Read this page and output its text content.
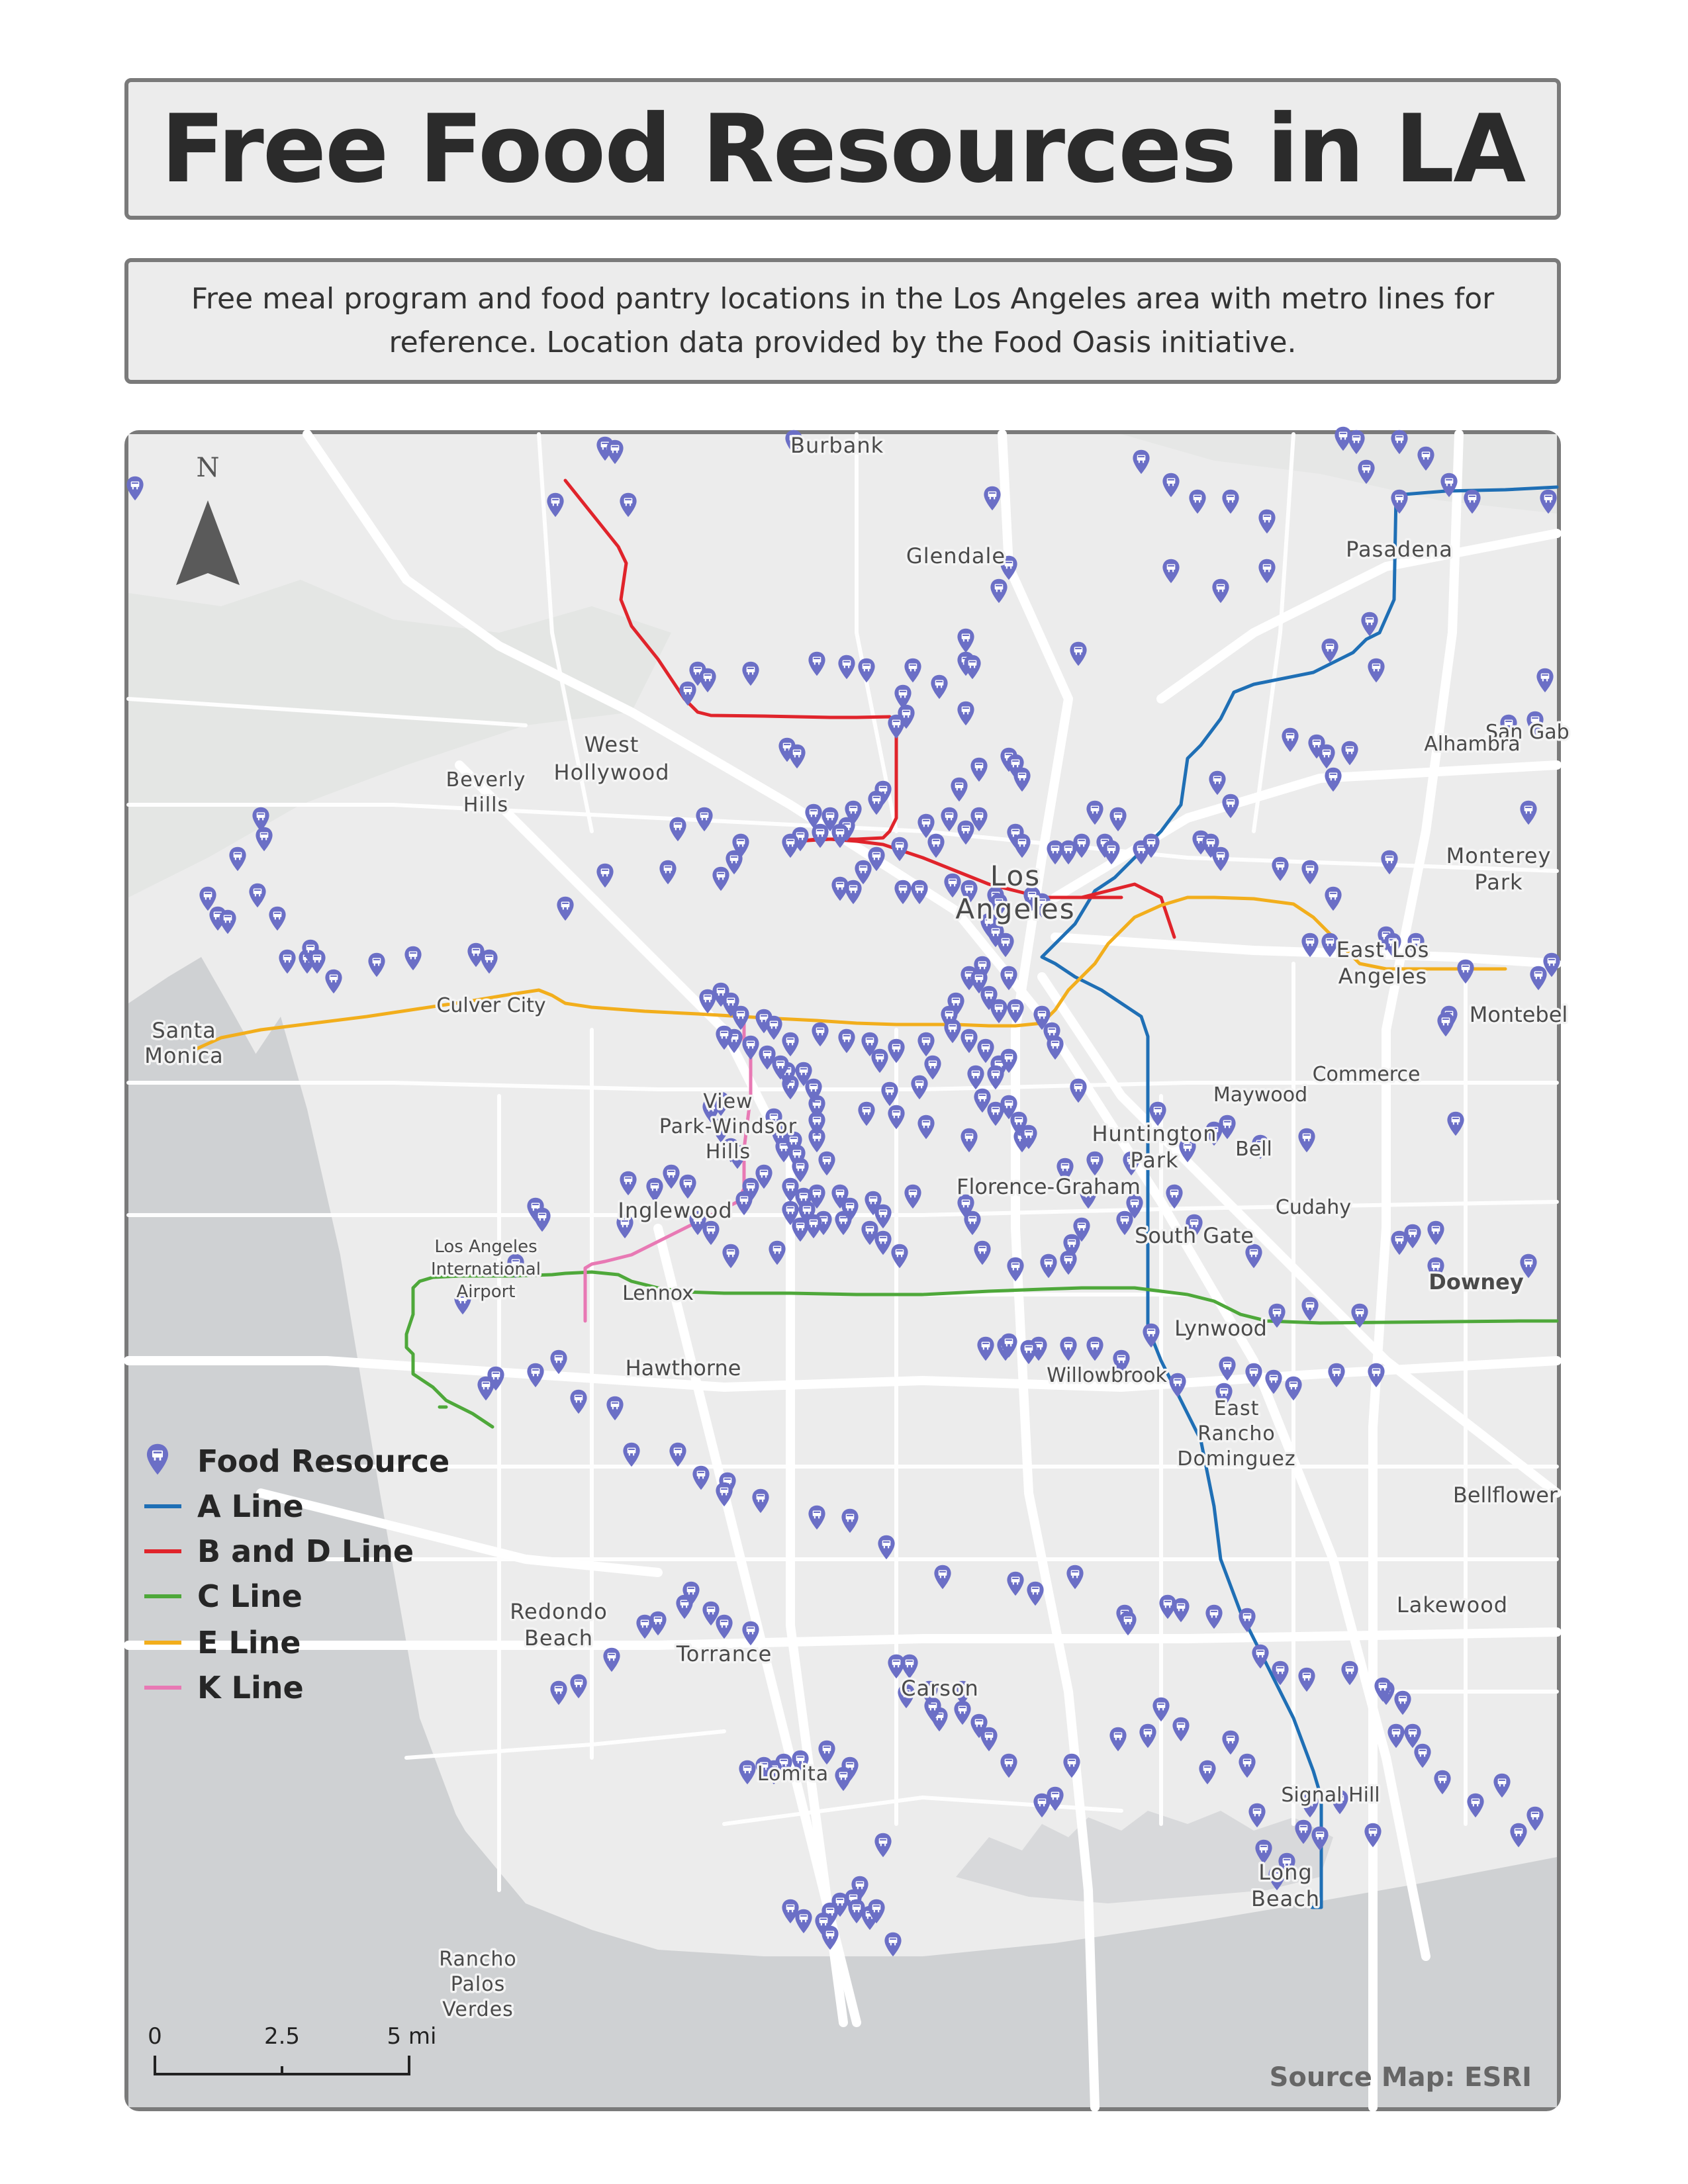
Free Food Resources in LA

Free meal program and food pantry locations in the Los Angeles area with metro lines for reference. Location data provided by the Food Oasis initiative.

Burbank
Glendale	Pasadena
West Hollywood
Beverly Hills
San Gab
Alhambra
Monterey Park
Los Angeles
East Los Angeles
Montebel
Santa Monica
Culver City
View Park-Windsor Hills
Commerce
Maywood
Huntington Park	Bell
Florence-Graham
Cudahy
Inglewood
South Gate
Los Angeles International Airport	Lennox	Downey
Lynwood
Hawthorne	Willowbrook
East Rancho Dominguez
Bellflower
Redondo Beach
Torrance
Lakewood
Carson
Lomita
Signal Hill
Long Beach
Rancho Palos Verdes
N
Food Resource
A Line
B and D Line
C Line
E Line
K Line
0	2.5	5 mi
Source Map: ESRI
